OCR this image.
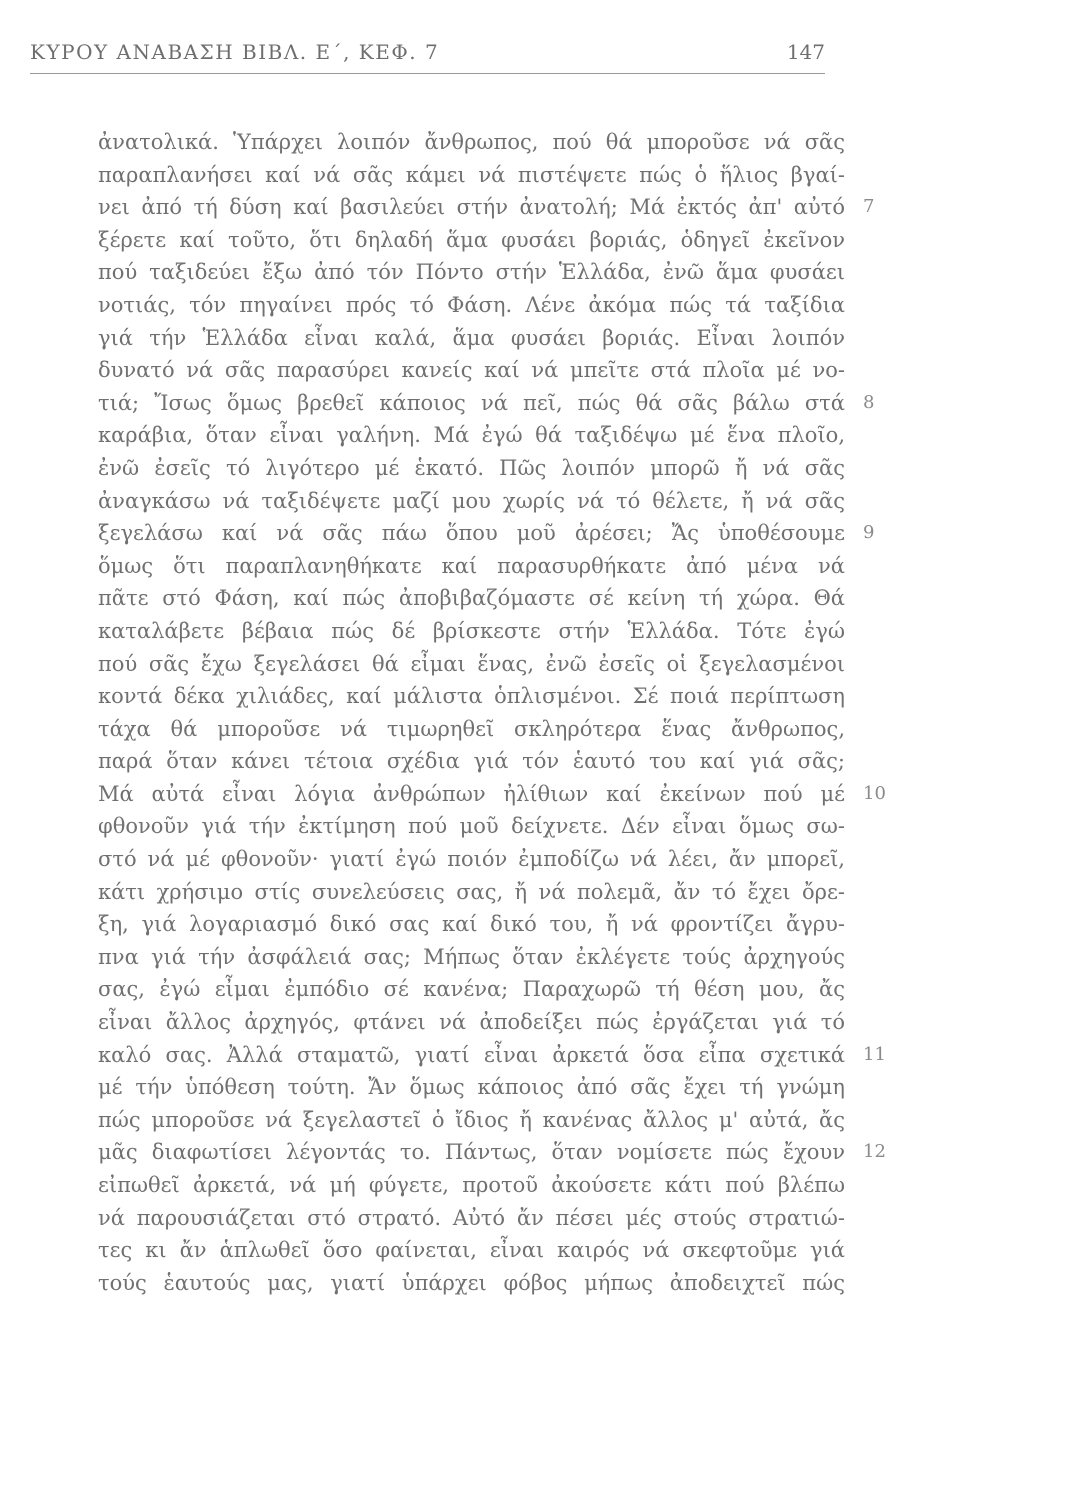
ΚΥΡΟΥ ΑΝΑΒΑΣΗ ΒΙΒΛ. Ε΄, ΚΕΦ. 7	147
ἀνατολικά. Ὑπάρχει λοιπόν ἄνθρωπος, πού θά μποροῦσε νά σᾶς
παραπλανήσει καί νά σᾶς κάμει νά πιστέψετε πώς ὁ ἥλιος βγαί-
νει ἀπό τή δύση καί βασιλεύει στήν ἀνατολή; Μά ἐκτός ἀπ' αὐτό 7
ξέρετε καί τοῦτο, ὅτι δηλαδή ἅμα φυσάει βοριάς, ὁδηγεῖ ἐκεῖνον
πού ταξιδεύει ἔξω ἀπό τόν Πόντο στήν Ἑλλάδα, ἐνῶ ἅμα φυσάει
νοτιάς, τόν πηγαίνει πρός τό Φάση. Λένε ἀκόμα πώς τά ταξίδια
γιά τήν Ἑλλάδα εἶναι καλά, ἅμα φυσάει βοριάς. Εἶναι λοιπόν
δυνατό νά σᾶς παρασύρει κανείς καί νά μπεῖτε στά πλοῖα μέ νο-
τιά; Ἴσως ὅμως βρεθεῖ κάποιος νά πεῖ, πώς θά σᾶς βάλω στά 8
καράβια, ὅταν εἶναι γαλήνη. Μά ἐγώ θά ταξιδέψω μέ ἕνα πλοῖο,
ἐνῶ ἐσεῖς τό λιγότερο μέ ἑκατό. Πῶς λοιπόν μπορῶ ἤ νά σᾶς
ἀναγκάσω νά ταξιδέψετε μαζί μου χωρίς νά τό θέλετε, ἤ νά σᾶς
ξεγελάσω καί νά σᾶς πάω ὅπου μοῦ ἀρέσει; Ἄς ὑποθέσουμε 9
ὅμως ὅτι παραπλανηθήκατε καί παρασυρθήκατε ἀπό μένα νά
πᾶτε στό Φάση, καί πώς ἀποβιβαζόμαστε σέ κείνη τή χώρα. Θά
καταλάβετε βέβαια πώς δέ βρίσκεστε στήν Ἑλλάδα. Τότε ἐγώ
πού σᾶς ἔχω ξεγελάσει θά εἶμαι ἕνας, ἐνῶ ἐσεῖς οἱ ξεγελασμένοι
κοντά δέκα χιλιάδες, καί μάλιστα ὁπλισμένοι. Σέ ποιά περίπτωση
τάχα θά μποροῦσε νά τιμωρηθεῖ σκληρότερα ἕνας ἄνθρωπος,
παρά ὅταν κάνει τέτοια σχέδια γιά τόν ἑαυτό του καί γιά σᾶς;
Μά αὐτά εἶναι λόγια ἀνθρώπων ἠλίθιων καί ἐκείνων πού μέ 10
φθονοῦν γιά τήν ἐκτίμηση πού μοῦ δείχνετε. Δέν εἶναι ὅμως σω-
στό νά μέ φθονοῦν· γιατί ἐγώ ποιόν ἐμποδίζω νά λέει, ἄν μπορεῖ,
κάτι χρήσιμο στίς συνελεύσεις σας, ἤ νά πολεμᾶ, ἄν τό ἔχει ὄρε-
ξη, γιά λογαριασμό δικό σας καί δικό του, ἤ νά φροντίζει ἄγρυ-
πνα γιά τήν ἀσφάλειά σας; Μήπως ὅταν ἐκλέγετε τούς ἀρχηγούς
σας, ἐγώ εἶμαι ἐμπόδιο σέ κανένα; Παραχωρῶ τή θέση μου, ἄς
εἶναι ἄλλος ἀρχηγός, φτάνει νά ἀποδείξει πώς ἐργάζεται γιά τό
καλό σας. Ἀλλά σταματῶ, γιατί εἶναι ἀρκετά ὅσα εἶπα σχετικά 11
μέ τήν ὑπόθεση τούτη. Ἄν ὅμως κάποιος ἀπό σᾶς ἔχει τή γνώμη
πώς μποροῦσε νά ξεγελαστεῖ ὁ ἴδιος ἤ κανένας ἄλλος μ' αὐτά, ἄς
μᾶς διαφωτίσει λέγοντάς το. Πάντως, ὅταν νομίσετε πώς ἔχουν 12
εἰπωθεῖ ἀρκετά, νά μή φύγετε, προτοῦ ἀκούσετε κάτι πού βλέπω
νά παρουσιάζεται στό στρατό. Αὐτό ἄν πέσει μές στούς στρατιώ-
τες κι ἄν ἁπλωθεῖ ὅσο φαίνεται, εἶναι καιρός νά σκεφτοῦμε γιά
τούς ἑαυτούς μας, γιατί ὑπάρχει φόβος μήπως ἀποδειχτεῖ πώς
